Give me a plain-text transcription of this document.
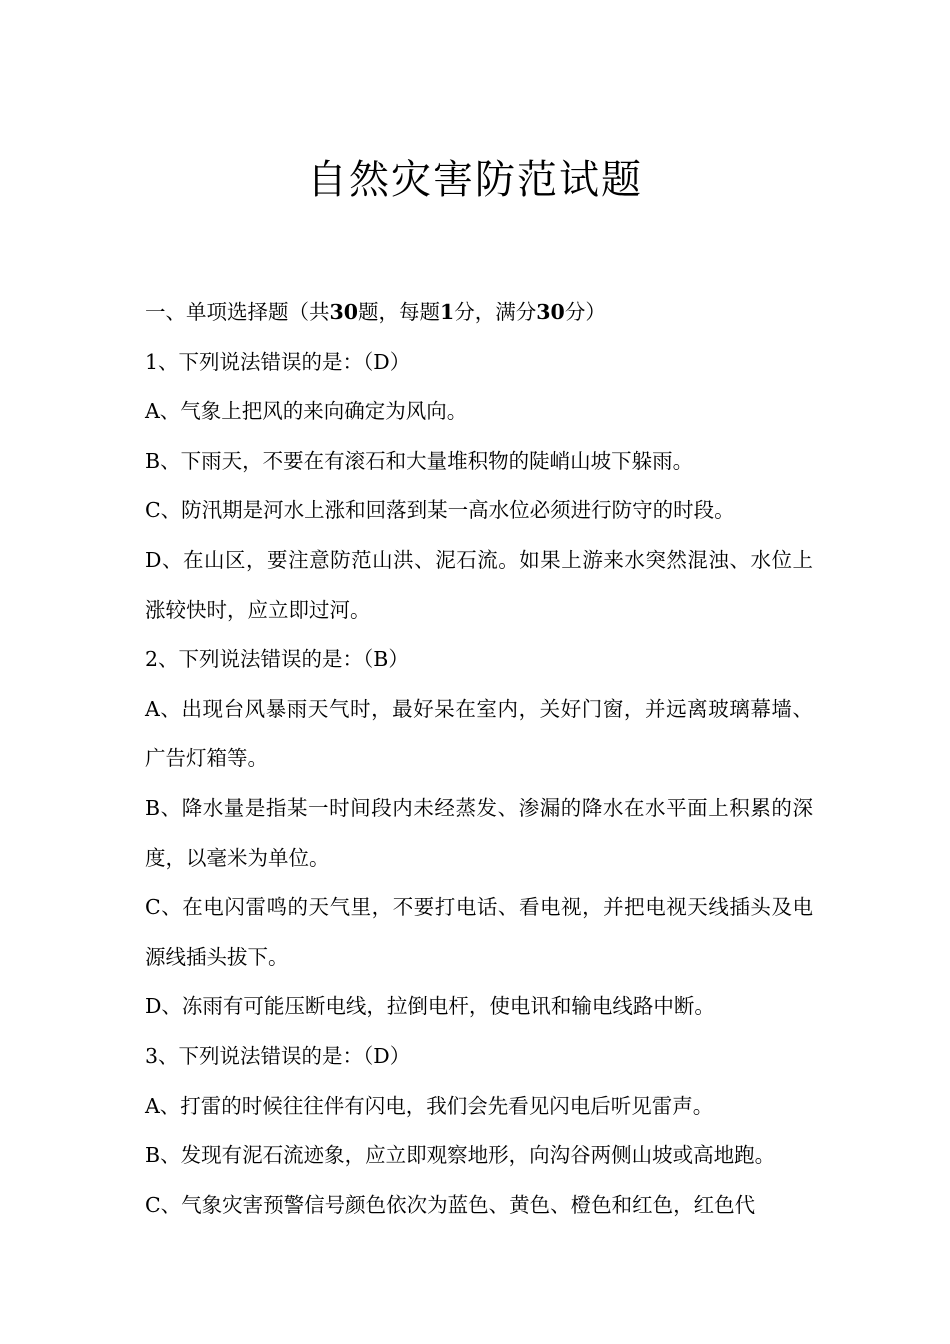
自然灾害防范试题
一、单项选择题（共30题，每题1分，满分30分）
1、下列说法错误的是：（D）
A、气象上把风的来向确定为风向。
B、下雨天，不要在有滚石和大量堆积物的陡峭山坡下躲雨。
C、防汛期是河水上涨和回落到某一高水位必须进行防守的时段。
D、在山区，要注意防范山洪、泥石流。如果上游来水突然混浊、水位上涨较快时，应立即过河。
2、下列说法错误的是：（B）
A、出现台风暴雨天气时，最好呆在室内，关好门窗，并远离玻璃幕墙、广告灯箱等。
B、降水量是指某一时间段内未经蒸发、渗漏的降水在水平面上积累的深度，以毫米为单位。
C、在电闪雷鸣的天气里，不要打电话、看电视，并把电视天线插头及电源线插头拔下。
D、冻雨有可能压断电线，拉倒电杆，使电讯和输电线路中断。
3、下列说法错误的是：（D）
A、打雷的时候往往伴有闪电，我们会先看见闪电后听见雷声。
B、发现有泥石流迹象，应立即观察地形，向沟谷两侧山坡或高地跑。
C、气象灾害预警信号颜色依次为蓝色、黄色、橙色和红色，红色代
